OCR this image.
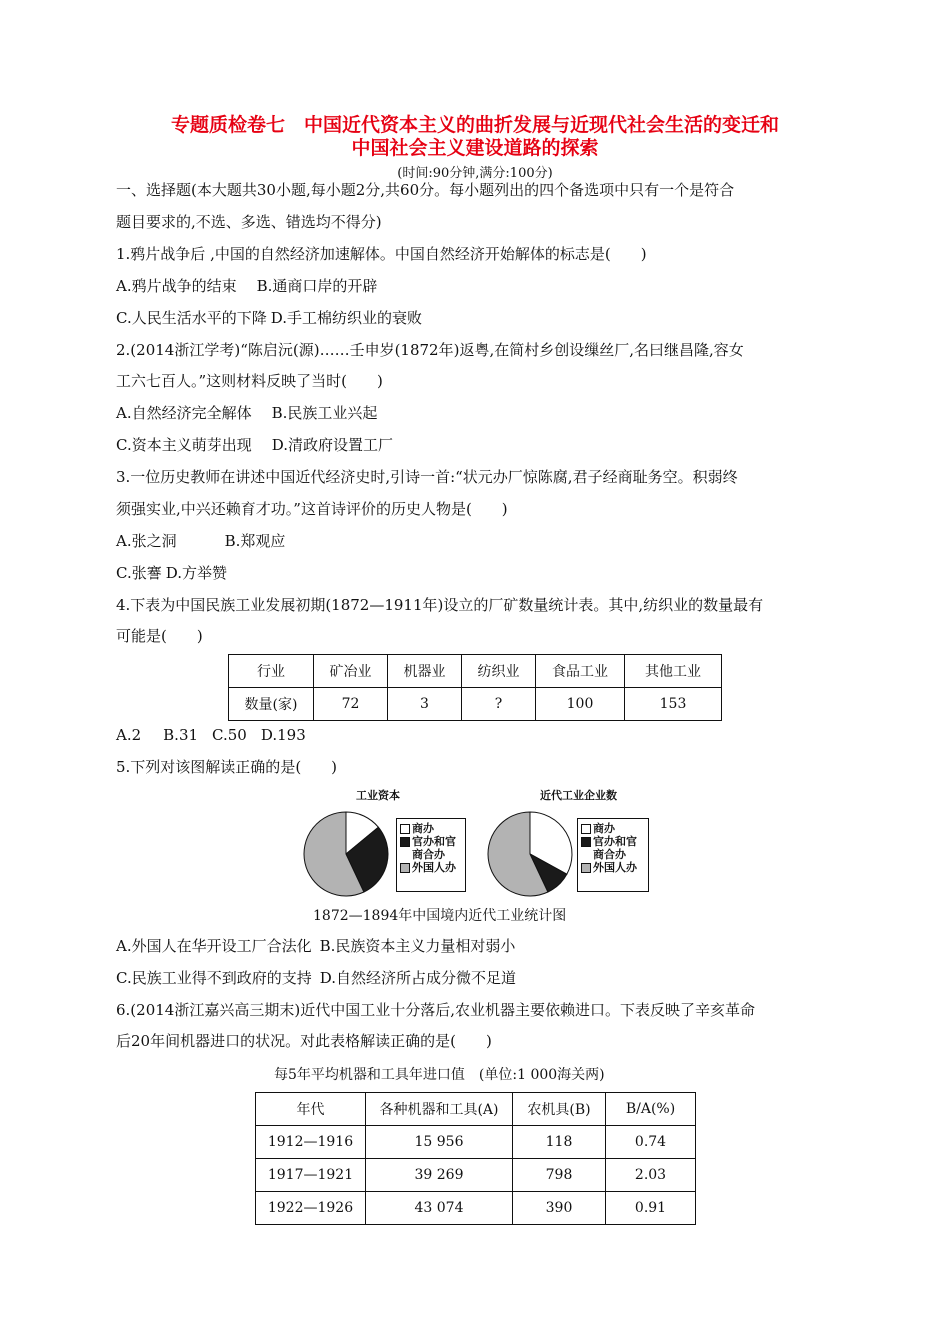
专题质检卷七　中国近代资本主义的曲折发展与近现代社会生活的变迁和
中国社会主义建设道路的探索
(时间:90分钟,满分:100分)
一、选择题(本大题共30小题,每小题2分,共60分。每小题列出的四个备选项中只有一个是符合
题目要求的,不选、多选、错选均不得分)
1.鸦片战争后 ,中国的自然经济加速解体。中国自然经济开始解体的标志是(　　)
A.鸦片战争的结束 B.通商口岸的开辟
C.人民生活水平的下降 D.手工棉纺织业的衰败
2.(2014浙江学考)“陈启沅(源)……壬申岁(1872年)返粤,在简村乡创设缫丝厂,名曰继昌隆,容女
工六七百人。”这则材料反映了当时(　　)
A.自然经济完全解体 B.民族工业兴起
C.资本主义萌芽出现 D.清政府设置工厂
3.一位历史教师在讲述中国近代经济史时,引诗一首:“状元办厂惊陈腐,君子经商耻务空。积弱终
须强实业,中兴还赖育才功。”这首诗评价的历史人物是(　　)
A.张之洞	B.郑观应
C.张謇 D.方举赞
4.下表为中国民族工业发展初期(1872—1911年)设立的厂矿数量统计表。其中,纺织业的数量最有
可能是(　　)
行业	矿冶业	机器业	纺织业	食品工业	其他工业
数量(家)	72	3	?	100	153
A.2 B.31 C.50 D.193
5.下列对该图解读正确的是(　　)
工业资本	近代工业企业数
商办
官办和官商合办
外国人办
商办
官办和官商合办
外国人办
1872—1894年中国境内近代工业统计图
A.外国人在华开设工厂合法化 B.民族资本主义力量相对弱小
C.民族工业得不到政府的支持 D.自然经济所占成分微不足道
6.(2014浙江嘉兴高三期末)近代中国工业十分落后,农业机器主要依赖进口。下表反映了辛亥革命
后20年间机器进口的状况。对此表格解读正确的是(　　)
每5年平均机器和工具年进口值　(单位:1 000海关两)
年代	各种机器和工具(A)	农机具(B)	B/A(%)
1912—1916	15 956	118	0.74
1917—1921	39 269	798	2.03
1922—1926	43 074	390	0.91
